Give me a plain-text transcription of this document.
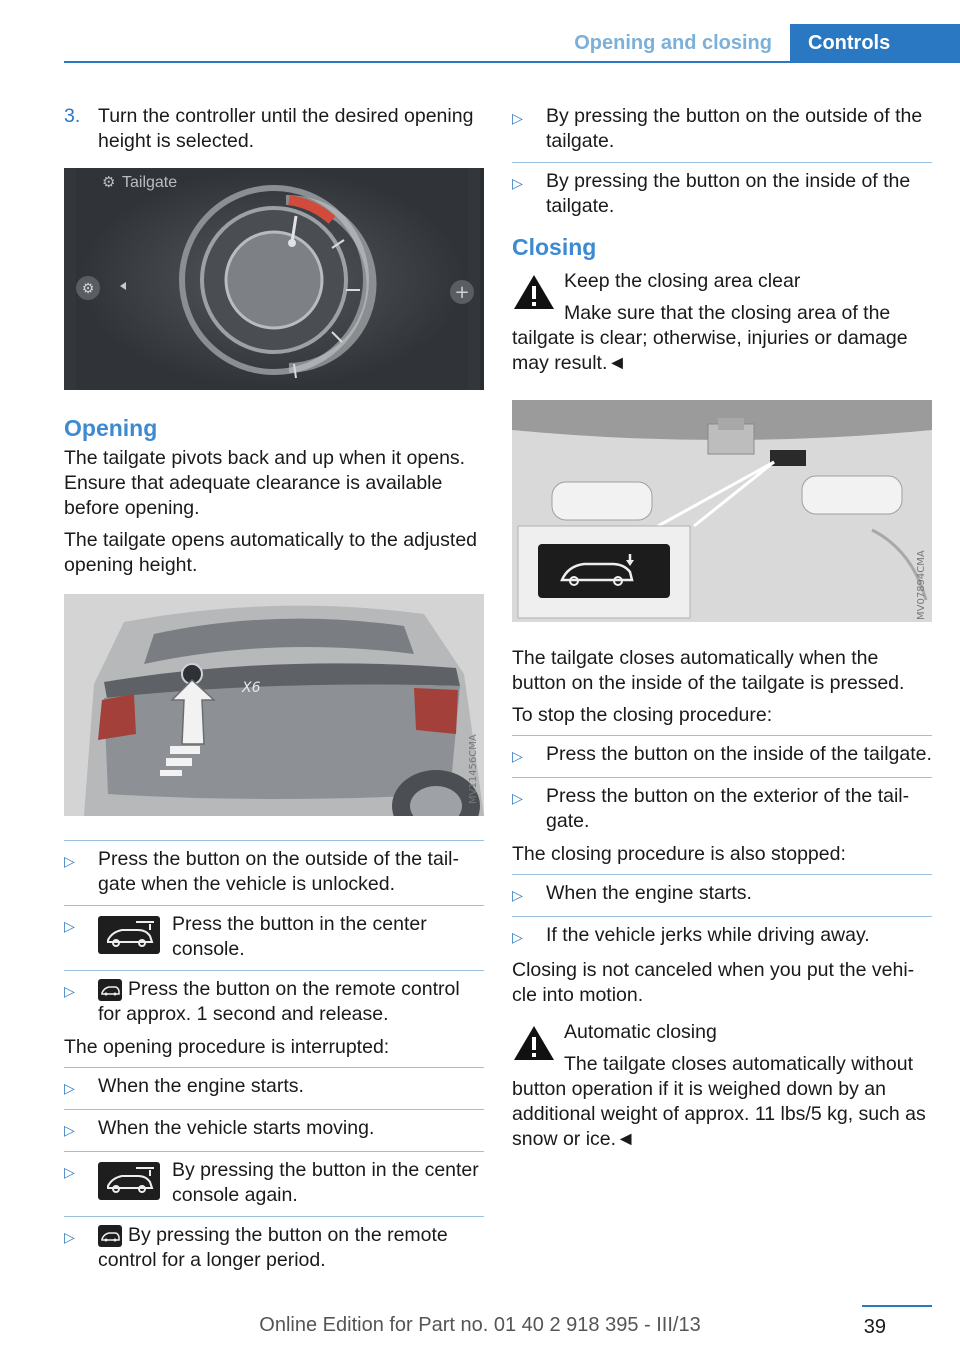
Opening and closing	Controls
3. Turn the controller until the desired opening height is selected.
⚙	+
⚙ Tailgate
Opening

The tailgate pivots back and up when it opens. Ensure that adequate clearance is available before opening.

The tailgate opens automatically to the adjusted opening height.

X6
MV11456CMA
▷	Press the button on the outside of the tailgate when the vehicle is unlocked.
▷	Press the button in the center console.
▷	Press the button on the remote control for approx. 1 second and release.

The opening procedure is interrupted:

▷	When the engine starts.
▷	When the vehicle starts moving.
▷	By pressing the button in the center console again.
▷	By pressing the button on the remote control for a longer period.
▷	By pressing the button on the outside of the tailgate.
▷	By pressing the button on the inside of the tailgate.
Closing
Keep the closing area clear
Make sure that the closing area of the
tailgate is clear; otherwise, injuries or damage may result.◄
MV07894CMA

The tailgate closes automatically when the button on the inside of the tailgate is pressed.

To stop the closing procedure:

▷	Press the button on the inside of the tailgate.
▷	Press the button on the exterior of the tailgate.

The closing procedure is also stopped:

▷	When the engine starts.
▷	If the vehicle jerks while driving away.

Closing is not canceled when you put the vehicle into motion.

Automatic closing
The tailgate closes automatically without
button operation if it is weighed down by an additional weight of approx. 11 lbs/5 kg, such as snow or ice.◄
39
Online Edition for Part no. 01 40 2 918 395 - III/13
